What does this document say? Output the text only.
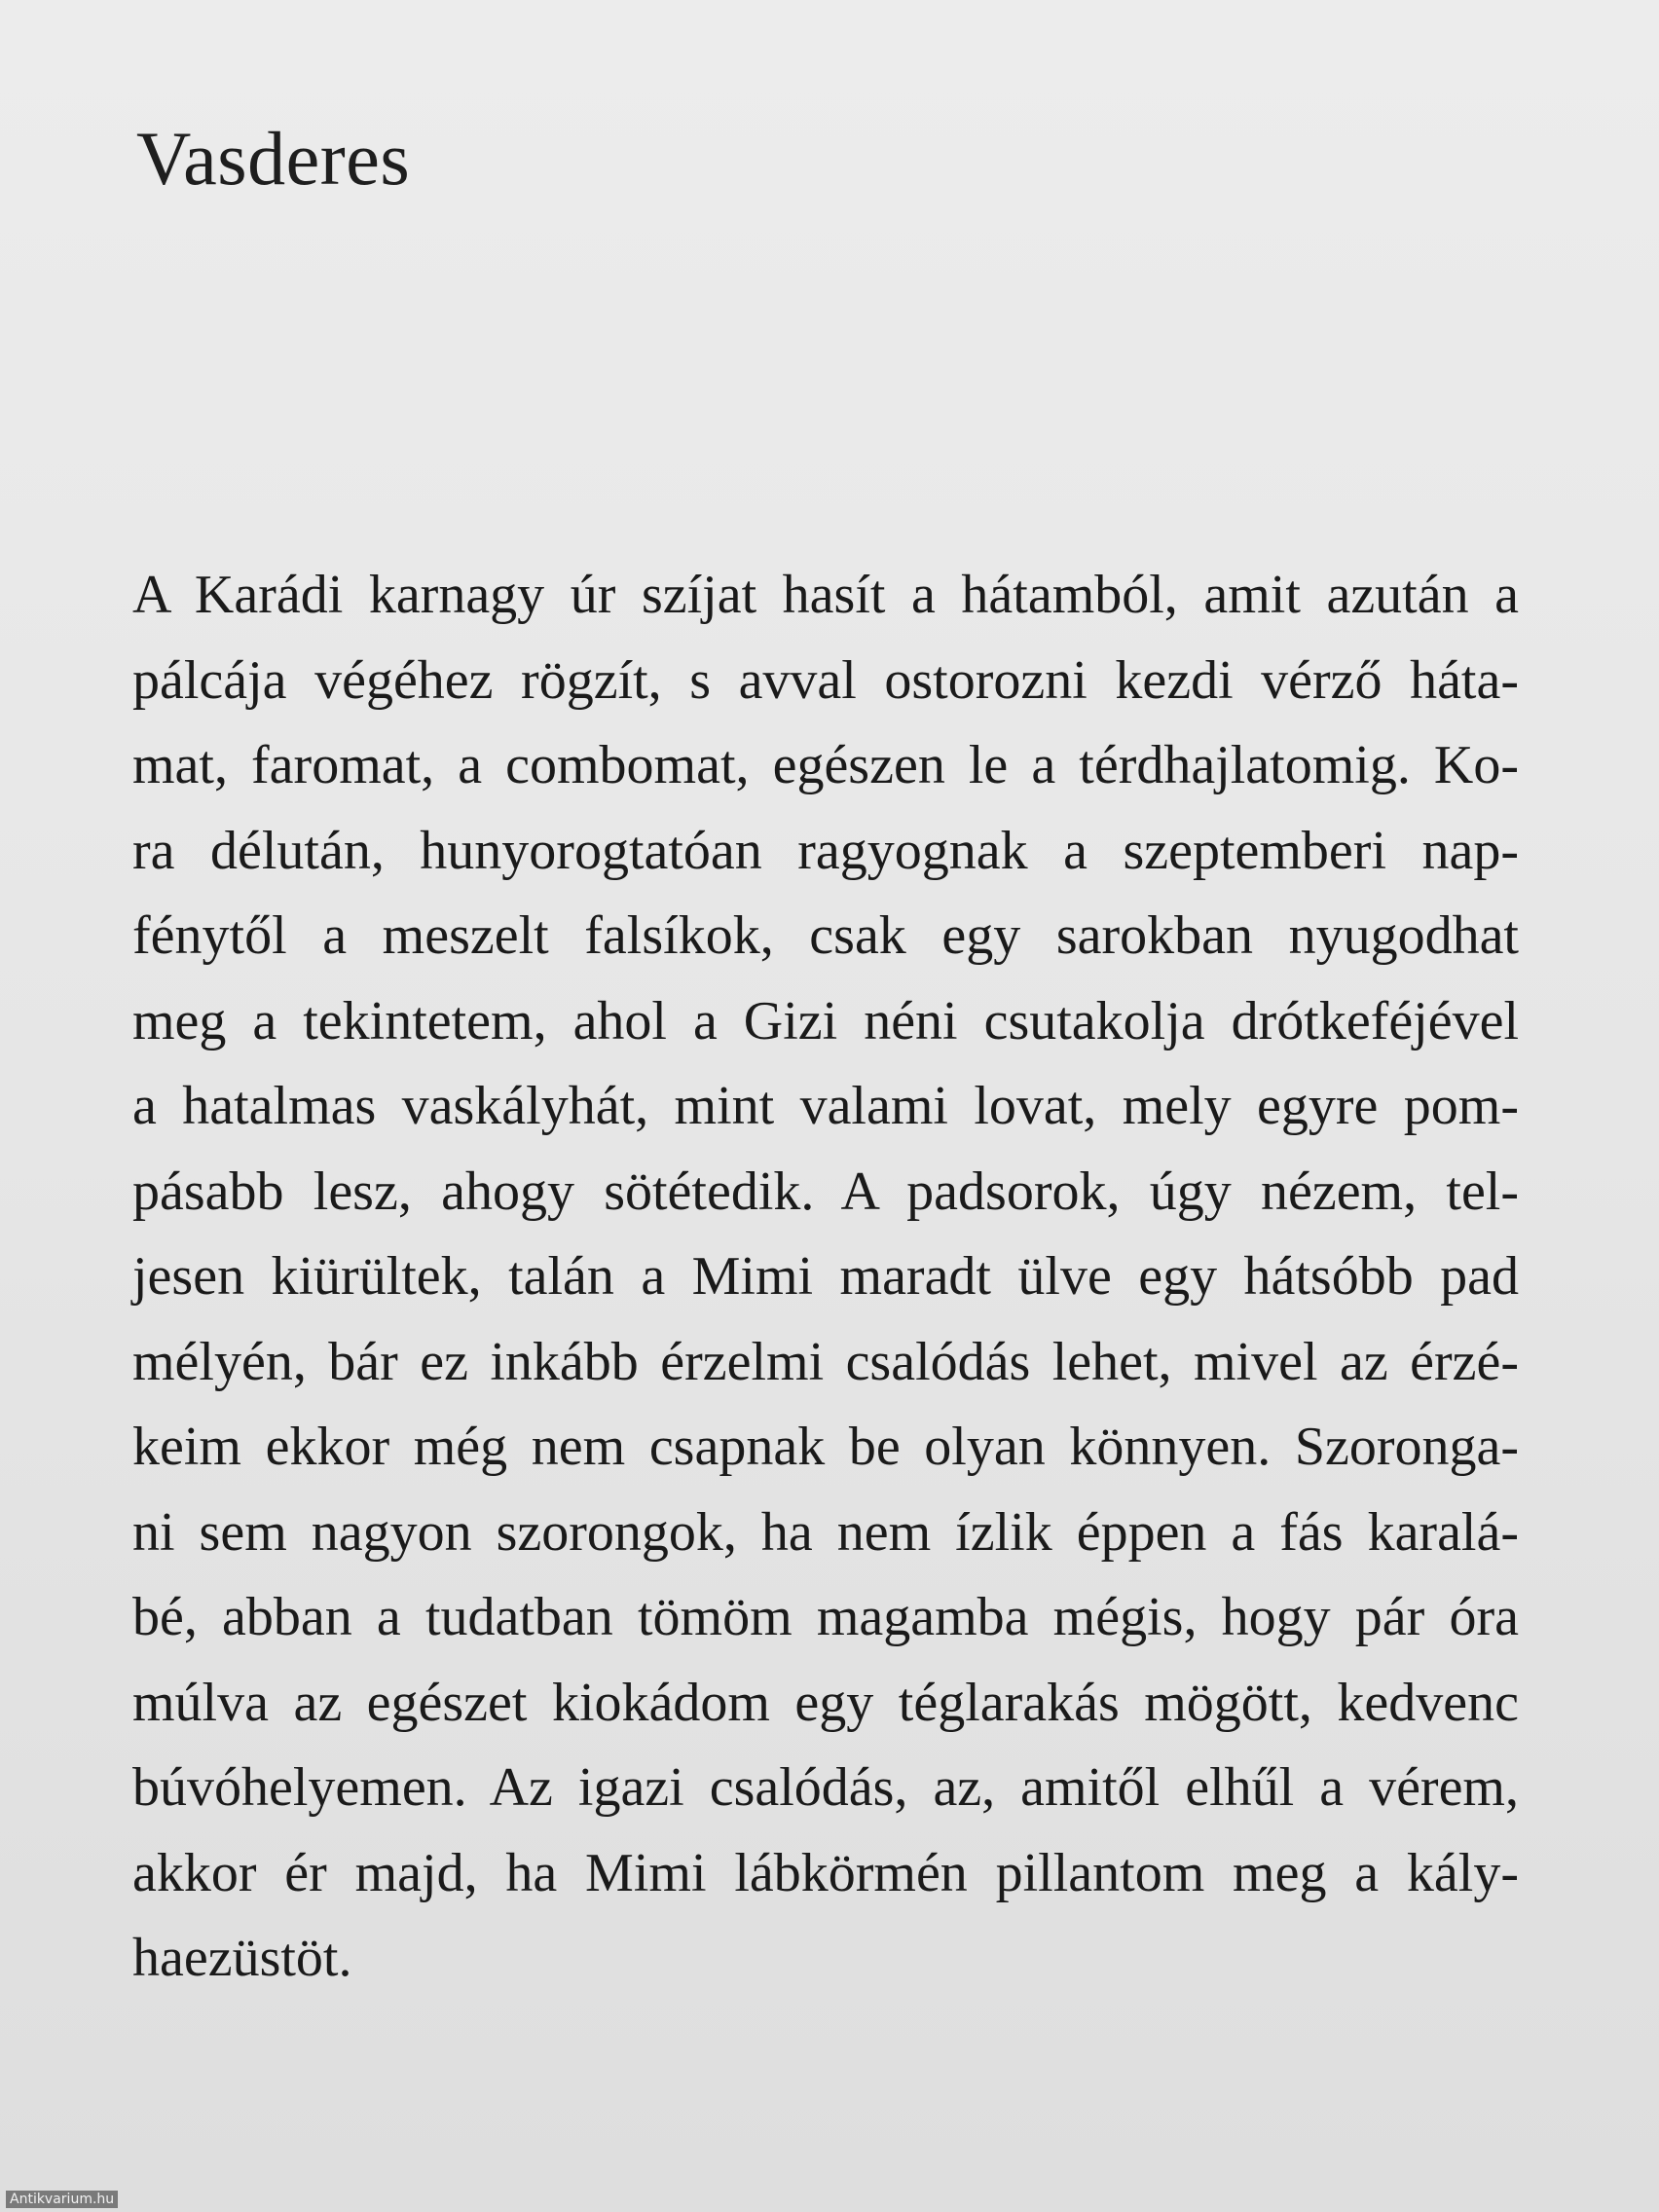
Vasderes
A Karádi karnagy úr szíjat hasít a hátamból, amit azután a
pálcája végéhez rögzít, s avval ostorozni kezdi vérző háta-
mat, faromat, a combomat, egészen le a térdhajlatomig. Ko-
ra délután, hunyorogtatóan ragyognak a szeptemberi nap-
fénytől a meszelt falsíkok, csak egy sarokban nyugodhat
meg a tekintetem, ahol a Gizi néni csutakolja drótkeféjével
a hatalmas vaskályhát, mint valami lovat, mely egyre pom-
pásabb lesz, ahogy sötétedik. A padsorok, úgy nézem, tel-
jesen kiürültek, talán a Mimi maradt ülve egy hátsóbb pad
mélyén, bár ez inkább érzelmi csalódás lehet, mivel az érzé-
keim ekkor még nem csapnak be olyan könnyen. Szoronga-
ni sem nagyon szorongok, ha nem ízlik éppen a fás karalá-
bé, abban a tudatban tömöm magamba mégis, hogy pár óra
múlva az egészet kiokádom egy téglarakás mögött, kedvenc
búvóhelyemen. Az igazi csalódás, az, amitől elhűl a vérem,
akkor ér majd, ha Mimi lábkörmén pillantom meg a kály-
haezüstöt.
Antikvarium.hu
